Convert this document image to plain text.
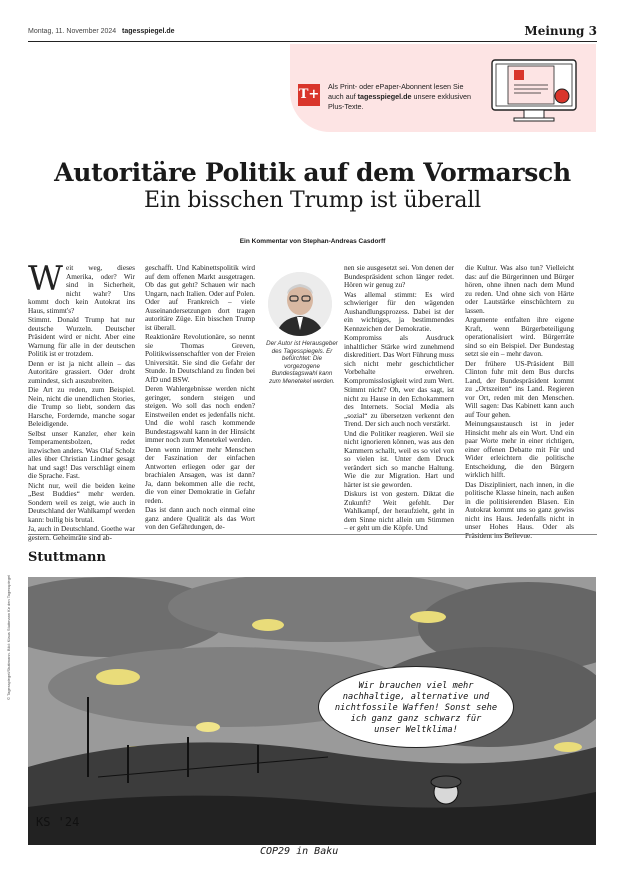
Montag, 11. November 2024 tagesspiegel.de	Meinung 3
T+
Als Print- oder ePaper-Abonnent lesen Sie auch auf tagesspiegel.de unsere exklusiven Plus-Texte.
Autoritäre Politik auf dem Vormarsch
Ein bisschen Trump ist überall
Ein Kommentar von Stephan-Andreas Casdorff

Weit weg, dieses Amerika, oder? Wir sind in Sicherheit, nicht wahr? Uns kommt doch kein Autokrat ins Haus, stimmt's?

Stimmt. Donald Trump hat nur deutsche Wurzeln. Deutscher Präsident wird er nicht. Aber eine Warnung für alle in der deutschen Politik ist er trotzdem.

Denn er ist ja nicht allein – das Autoritäre grassiert. Oder droht zumindest, sich auszubreiten.

Die Art zu reden, zum Beispiel. Nein, nicht die unendlichen Stories, die Trump so liebt, sondern das Harsche, Fordernde, manche sogar Beleidigende.

Selbst unser Kanzler, eher kein Temperamentsbolzen, redet inzwischen anders. Was Olaf Scholz alles über Christian Lindner gesagt hat und sagt! Das verschlägt einem die Sprache. Fast.

Nicht nur, weil die beiden keine „Best Buddies“ mehr werden. Sondern weil es zeigt, wie auch in Deutschland der Wahlkampf werden kann: bullig bis brutal.

Ja, auch in Deutschland. Goethe war gestern. Geheimräte sind ab-

geschafft. Und Kabinettspolitik wird auf dem offenen Markt ausgetragen. Ob das gut geht? Schauen wir nach Ungarn, nach Italien. Oder auf Polen. Oder auf Frankreich – viele Auseinandersetzungen dort tragen autoritäre Züge. Ein bisschen Trump ist überall.

Reaktionäre Revolutionäre, so nennt sie Thomas Greven, Politikwissenschaftler von der Freien Universität. Sie sind die Gefahr der Stunde. In Deutschland zu finden bei AfD und BSW.

Deren Wahlergebnisse werden nicht geringer, sondern steigen und steigen. Wo soll das noch enden? Einstweilen endet es jedenfalls nicht. Und die wohl rasch kommende Bundestagswahl kann in der Hinsicht immer noch zum Menetekel werden.

Denn wenn immer mehr Menschen der Faszination der einfachen Antworten erliegen oder gar der brachialen Ansagen, was ist dann? Ja, dann bekommen alle die recht, die von einer Demokratie in Gefahr reden.

Das ist dann auch noch einmal eine ganz andere Qualität als das Wort von den Gefährdungen, de-

Der Autor ist Herausgeber des Tagesspiegels. Er befürchtet: Die vorgezogene Bundestagswahl kann zum Menetekel werden.

nen sie ausgesetzt sei. Von denen der Bundespräsident schon länger redet. Hören wir genug zu?

Was allemal stimmt: Es wird schwieriger für den wägenden Aushandlungsprozess. Dabei ist der ein wichtiges, ja bestimmendes Kennzeichen der Demokratie.

Kompromiss als Ausdruck inhaltlicher Stärke wird zunehmend diskreditiert. Das Wort Führung muss sich nicht mehr geschichtlicher Vorbehalte erwehren. Kompromisslosigkeit wird zum Wert.

Stimmt nicht? Oh, wer das sagt, ist nicht zu Hause in den Echokammern des Internets. Social Media als „sozial“ zu übersetzen verkennt den Trend. Der sich auch noch verstärkt.

Und die Politiker reagieren. Weil sie nicht ignorieren können, was aus den Kammern schallt, weil es so viel von so vielen ist. Unter dem Druck verändert sich so manche Haltung. Wie die zur Migration. Hart und härter ist sie geworden.

Diskurs ist von gestern. Diktat die Zukunft? Weit gefehlt. Der Wahlkampf, der heraufzieht, geht in dem Sinne nicht allein um Stimmen – er geht um die Köpfe. Und

die Kultur. Was also tun? Vielleicht das: auf die Bürgerinnen und Bürger hören, ohne ihnen nach dem Mund zu reden. Und ohne sich von Härte oder Lautstärke einschüchtern zu lassen.

Argumente entfalten ihre eigene Kraft, wenn Bürgerbeteiligung operationalisiert wird. Bürgerräte sind so ein Beispiel. Der Bundestag setzt sie ein – mehr davon.

Der frühere US-Präsident Bill Clinton fuhr mit dem Bus durchs Land, der Bundespräsident kommt zu „Ortszeiten“ ins Land. Regieren vor Ort, reden mit den Menschen. Will sagen: Das Kabinett kann auch auf Tour gehen.

Meinungsaustausch ist in jeder Hinsicht mehr als ein Wort. Und ein paar Worte mehr in einer richtigen, einer offenen Debatte mit Für und Wider erleichtern die politische Entscheidung, die den Bürgern wirklich hilft.

Das Diszipliniert, nach innen, in die politische Klasse hinein, nach außen in die politisierenden Blasen. Ein Autokrat kommt uns so ganz gewiss nicht ins Haus. Jedenfalls nicht in unser Hohes Haus. Oder als Präsident ins Bellevue.

Stuttmann
Wir brauchen viel mehr
nachhaltige, alternative und
nichtfossile Waffen! Sonst sehe
ich ganz ganz schwarz für
unser Weltklima!
KS '24
COP29 in Baku
© Tagesspiegel/Stuttmann. Bild: Klaus Stuttmann für den Tagesspiegel
